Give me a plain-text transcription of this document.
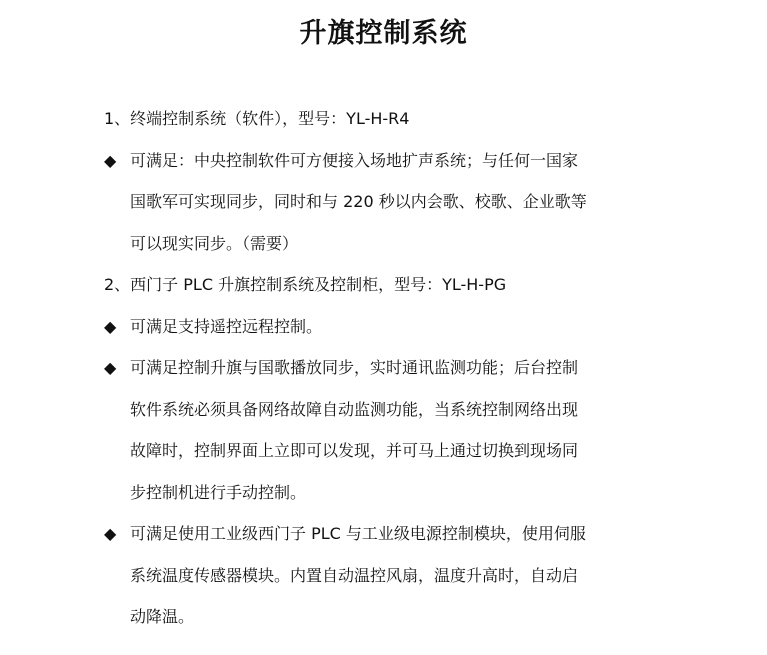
升旗控制系统
1、终端控制系统（软件），型号：YL-H-R4
◆ 可满足：中央控制软件可方便接入场地扩声系统；与任何一国家
国歌军可实现同步，同时和与 220 秒以内会歌、校歌、企业歌等
可以现实同步。（需要）
2、西门子 PLC 升旗控制系统及控制柜，型号：YL-H-PG
◆ 可满足支持遥控远程控制。
◆ 可满足控制升旗与国歌播放同步，实时通讯监测功能；后台控制
软件系统必须具备网络故障自动监测功能，当系统控制网络出现
故障时，控制界面上立即可以发现，并可马上通过切换到现场同
步控制机进行手动控制。
◆ 可满足使用工业级西门子 PLC 与工业级电源控制模块，使用伺服
系统温度传感器模块。内置自动温控风扇，温度升高时，自动启
动降温。
